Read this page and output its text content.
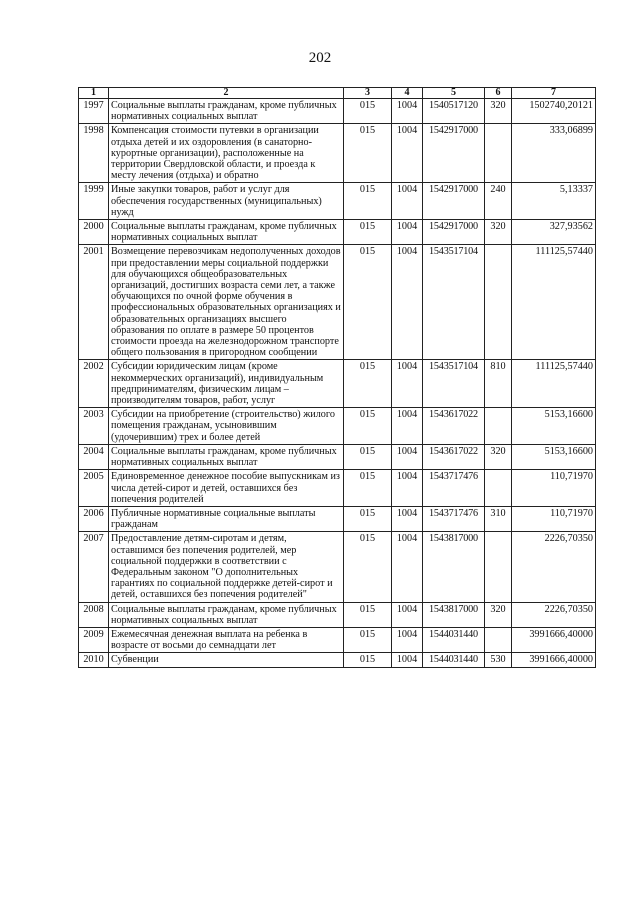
202
1	2	3	4	5	6	7
1997	Социальные выплаты гражданам, кроме публичных нормативных социальных выплат	015	1004	1540517120	320	1502740,20121
1998	Компенсация стоимости путевки в организации отдыха детей и их оздоровления (в санаторно-курортные организации), расположенные на территории Свердловской области, и проезда к месту лечения (отдыха) и обратно	015	1004	1542917000		333,06899
1999	Иные закупки товаров, работ и услуг для обеспечения государственных (муниципальных) нужд	015	1004	1542917000	240	5,13337
2000	Социальные выплаты гражданам, кроме публичных нормативных социальных выплат	015	1004	1542917000	320	327,93562
2001	Возмещение перевозчикам недополученных доходов при предоставлении меры социальной поддержки для обучающихся общеобразовательных организаций, достигших возраста семи лет, а также обучающихся по очной форме обучения в профессиональных образовательных организациях и образовательных организациях высшего образования по оплате в размере 50 процентов стоимости проезда на железнодорожном транспорте общего пользования в пригородном сообщении	015	1004	1543517104		111125,57440
2002	Субсидии юридическим лицам (кроме некоммерческих организаций), индивидуальным предпринимателям, физическим лицам – производителям товаров, работ, услуг	015	1004	1543517104	810	111125,57440
2003	Субсидии на приобретение (строительство) жилого помещения гражданам, усыновившим (удочерившим) трех и более детей	015	1004	1543617022		5153,16600
2004	Социальные выплаты гражданам, кроме публичных нормативных социальных выплат	015	1004	1543617022	320	5153,16600
2005	Единовременное денежное пособие выпускникам из числа детей-сирот и детей, оставшихся без попечения родителей	015	1004	1543717476		110,71970
2006	Публичные нормативные социальные выплаты гражданам	015	1004	1543717476	310	110,71970
2007	Предоставление детям-сиротам и детям, оставшимся без попечения родителей, мер социальной поддержки в соответствии с Федеральным законом "О дополнительных гарантиях по социальной поддержке детей-сирот и детей, оставшихся без попечения родителей"	015	1004	1543817000		2226,70350
2008	Социальные выплаты гражданам, кроме публичных нормативных социальных выплат	015	1004	1543817000	320	2226,70350
2009	Ежемесячная денежная выплата на ребенка в возрасте от восьми до семнадцати лет	015	1004	1544031440		3991666,40000
2010	Субвенции	015	1004	1544031440	530	3991666,40000
